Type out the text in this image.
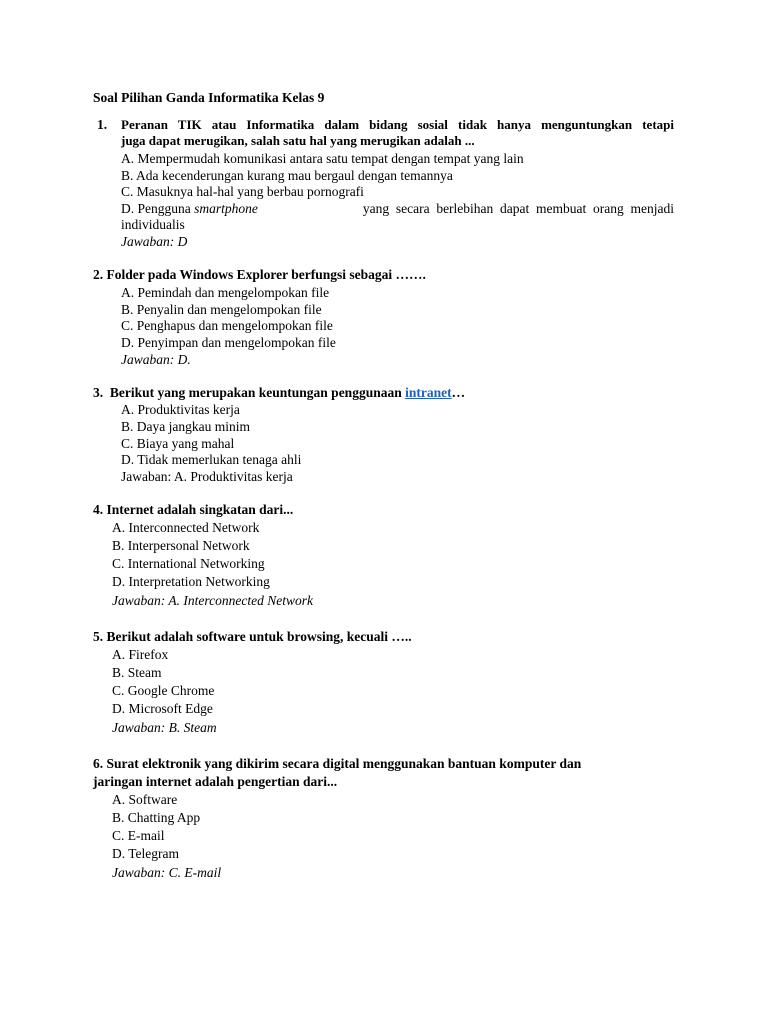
Soal Pilihan Ganda Informatika Kelas 9
1. Peranan TIK atau Informatika dalam bidang sosial tidak hanya menguntungkan tetapi
juga dapat merugikan, salah satu hal yang merugikan adalah ...
A. Mempermudah komunikasi antara satu tempat dengan tempat yang lain
B. Ada kecenderungan kurang mau bergaul dengan temannya
C. Masuknya hal-hal yang berbau pornografi
D. Pengguna smartphone	yang  secara  berlebihan  dapat  membuat  orang  menjadi
individualis
Jawaban: D
2. Folder pada Windows Explorer berfungsi sebagai …….
A. Pemindah dan mengelompokan file
B. Penyalin dan mengelompokan file
C. Penghapus dan mengelompokan file
D. Penyimpan dan mengelompokan file
Jawaban: D.
3.  Berikut yang merupakan keuntungan penggunaan intranet…
A. Produktivitas kerja
B. Daya jangkau minim
C. Biaya yang mahal
D. Tidak memerlukan tenaga ahli
Jawaban: A. Produktivitas kerja
4. Internet adalah singkatan dari...
A. Interconnected Network
B. Interpersonal Network
C. International Networking
D. Interpretation Networking
Jawaban: A. Interconnected Network
5. Berikut adalah software untuk browsing, kecuali …..
A. Firefox
B. Steam
C. Google Chrome
D. Microsoft Edge
Jawaban: B. Steam
6. Surat elektronik yang dikirim secara digital menggunakan bantuan komputer dan
jaringan internet adalah pengertian dari...
A. Software
B. Chatting App
C. E-mail
D. Telegram
Jawaban: C. E-mail
